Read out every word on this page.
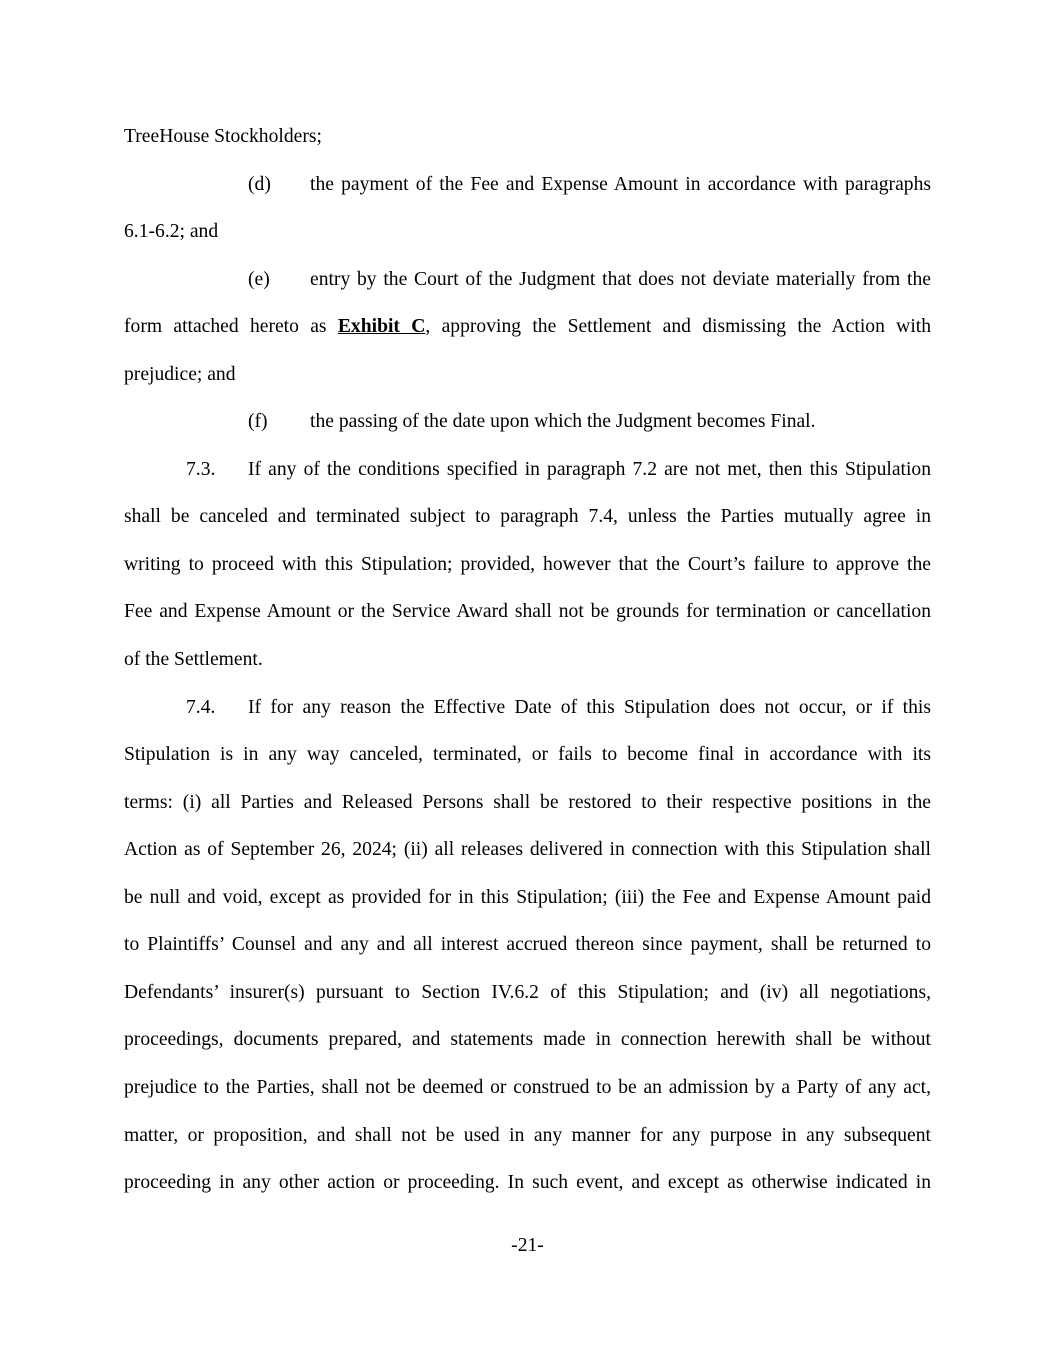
TreeHouse Stockholders;
(d) the payment of the Fee and Expense Amount in accordance with paragraphs
6.1-6.2; and
(e) entry by the Court of the Judgment that does not deviate materially from the
form attached hereto as Exhibit C, approving the Settlement and dismissing the Action with
prejudice; and
(f) the passing of the date upon which the Judgment becomes Final.
7.3. If any of the conditions specified in paragraph 7.2 are not met, then this Stipulation
shall be canceled and terminated subject to paragraph 7.4, unless the Parties mutually agree in
writing to proceed with this Stipulation; provided, however that the Court’s failure to approve the
Fee and Expense Amount or the Service Award shall not be grounds for termination or cancellation
of the Settlement.
7.4. If for any reason the Effective Date of this Stipulation does not occur, or if this
Stipulation is in any way canceled, terminated, or fails to become final in accordance with its
terms: (i) all Parties and Released Persons shall be restored to their respective positions in the
Action as of September 26, 2024; (ii) all releases delivered in connection with this Stipulation shall
be null and void, except as provided for in this Stipulation; (iii) the Fee and Expense Amount paid
to Plaintiffs’ Counsel and any and all interest accrued thereon since payment, shall be returned to
Defendants’ insurer(s) pursuant to Section IV.6.2 of this Stipulation; and (iv) all negotiations,
proceedings, documents prepared, and statements made in connection herewith shall be without
prejudice to the Parties, shall not be deemed or construed to be an admission by a Party of any act,
matter, or proposition, and shall not be used in any manner for any purpose in any subsequent
proceeding in any other action or proceeding. In such event, and except as otherwise indicated in
-21-
